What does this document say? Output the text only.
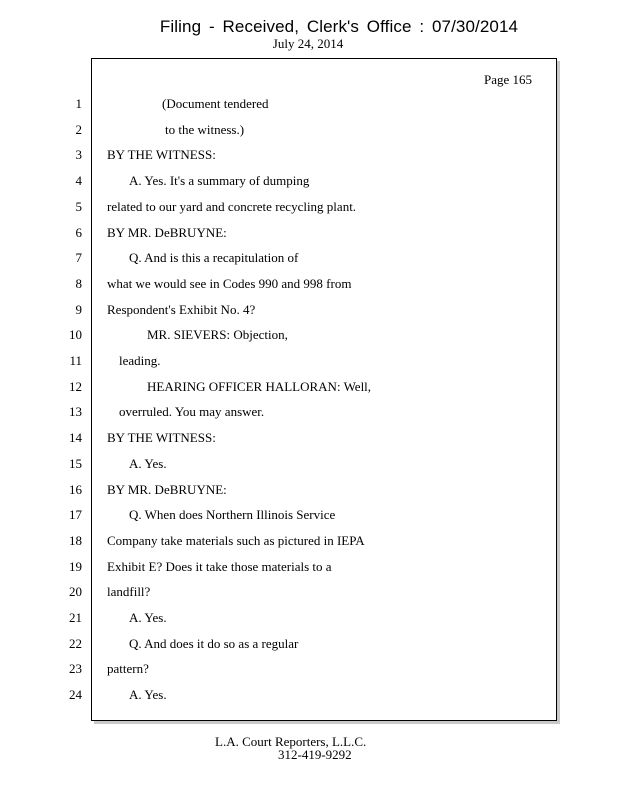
Filing - Received, Clerk's Office : 07/30/2014
July 24, 2014
Page 165
1	(Document tendered
2	to the witness.)
3 BY THE WITNESS:
4	A. Yes. It's a summary of dumping
5 related to our yard and concrete recycling plant.
6 BY MR. DeBRUYNE:
7	Q. And is this a recapitulation of
8 what we would see in Codes 990 and 998 from
9 Respondent's Exhibit No. 4?
10	MR. SIEVERS: Objection,
11	leading.
12	HEARING OFFICER HALLORAN: Well,
13	overruled. You may answer.
14 BY THE WITNESS:
15	A. Yes.
16 BY MR. DeBRUYNE:
17	Q. When does Northern Illinois Service
18 Company take materials such as pictured in IEPA
19 Exhibit E? Does it take those materials to a
20 landfill?
21	A. Yes.
22	Q. And does it do so as a regular
23 pattern?
24	A. Yes.
L.A. Court Reporters, L.L.C.
312-419-9292
